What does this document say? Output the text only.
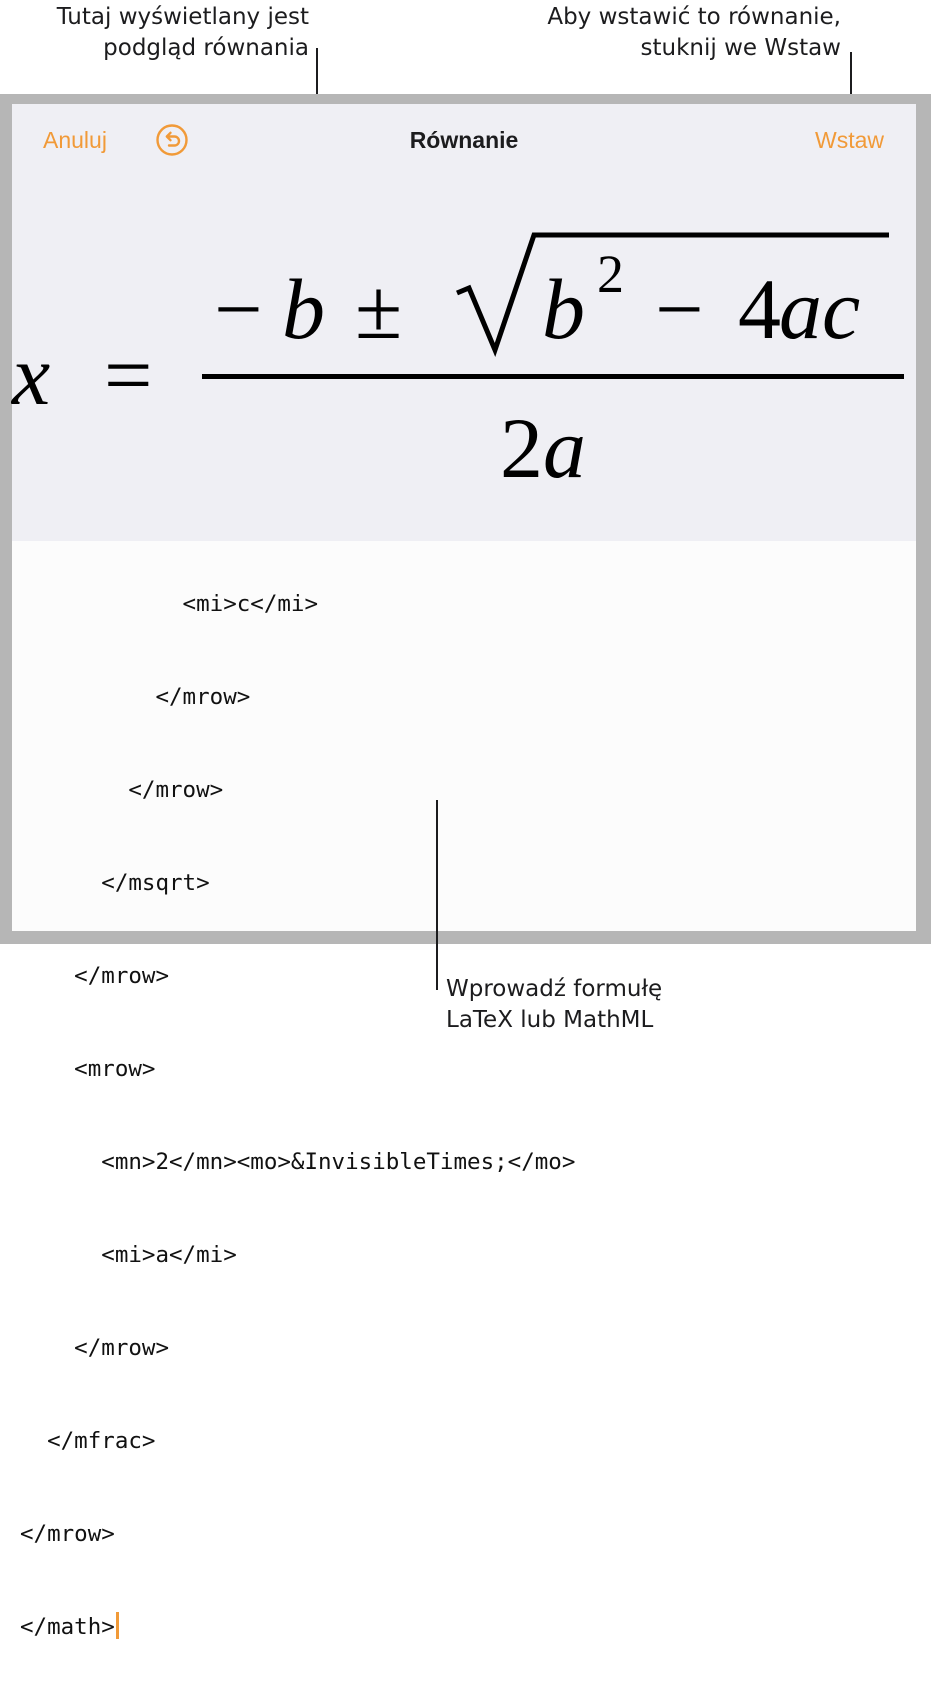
Tutaj wyświetlany jest
podgląd równania
Aby wstawić to równanie,
stuknij we Wstaw
Anuluj	Równanie	Wstaw
x =
− b ± b 2 − 4
ac
2 a

<mi>c</mi>

</mrow>

</mrow>

</msqrt>

</mrow>

<mrow>

<mn>2</mn><mo>&InvisibleTimes;</mo>

<mi>a</mi>

</mrow>

</mfrac>

</mrow>

</math>

Wprowadź formułę
LaTeX lub MathML
